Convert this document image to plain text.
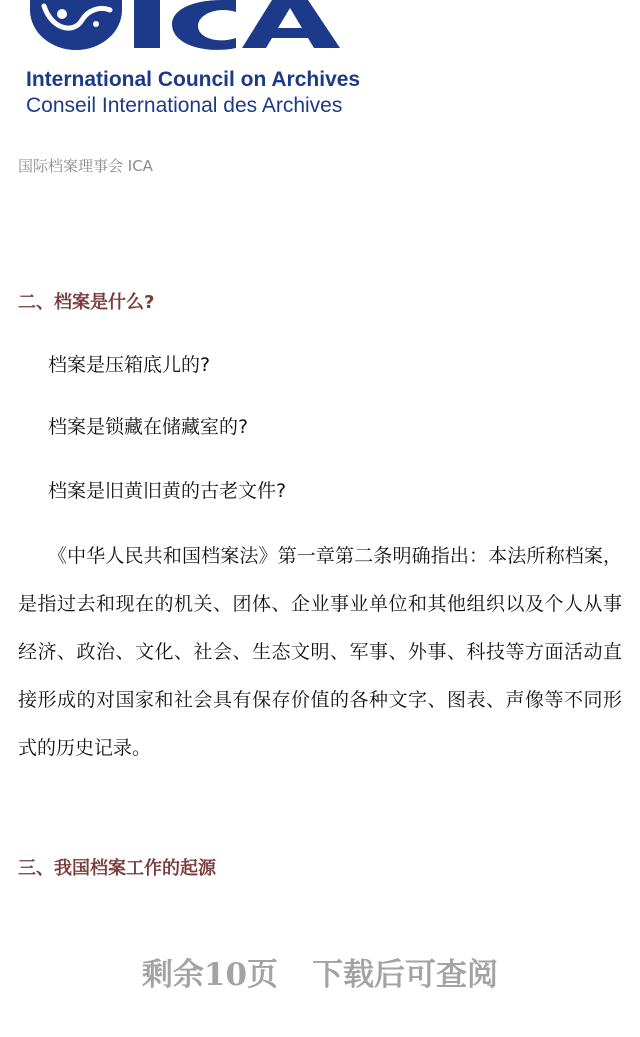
International Council on Archives
Conseil International des Archives
国际档案理事会 ICA
二、档案是什么?
档案是压箱底儿的?
档案是锁藏在储藏室的?
档案是旧黄旧黄的古老文件?
《中华人民共和国档案法》第一章第二条明确指出：本法所称档案，是指过去和现在的机关、团体、企业事业单位和其他组织以及个人从事经济、政治、文化、社会、生态文明、军事、外事、科技等方面活动直接形成的对国家和社会具有保存价值的各种文字、图表、声像等不同形式的历史记录。
三、我国档案工作的起源
剩余10页 下载后可查阅
